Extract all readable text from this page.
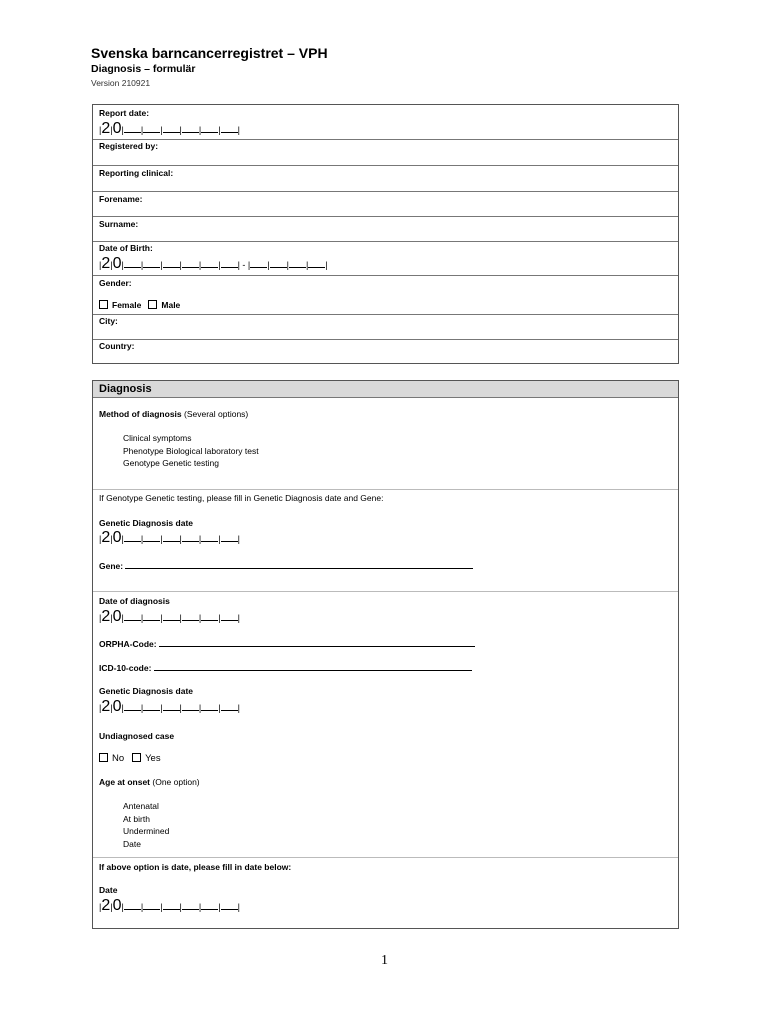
Svenska barncancerregistret – VPH
Diagnosis – formulär
Version 210921
Report date:
|2|0| | | | | | |
Registered by:
Reporting clinical:
Forename:
Surname:
Date of Birth:
|2|0| | | | | | | - | | | | |
Gender:
Female Male
City:
Country:
Diagnosis
Method of diagnosis (Several options)
Clinical symptoms
Phenotype Biological laboratory test
Genotype Genetic testing
If Genotype Genetic testing, please fill in Genetic Diagnosis date and Gene:
Genetic Diagnosis date
|2|0| | | | | | |
Gene:
Date of diagnosis
|2|0| | | | | | |
ORPHA-Code:
ICD-10-code:
Genetic Diagnosis date
|2|0| | | | | | |
Undiagnosed case
No Yes
Age at onset (One option)
Antenatal
At birth
Undermined
Date
If above option is date, please fill in date below:
Date
|2|0| | | | | | |
1
